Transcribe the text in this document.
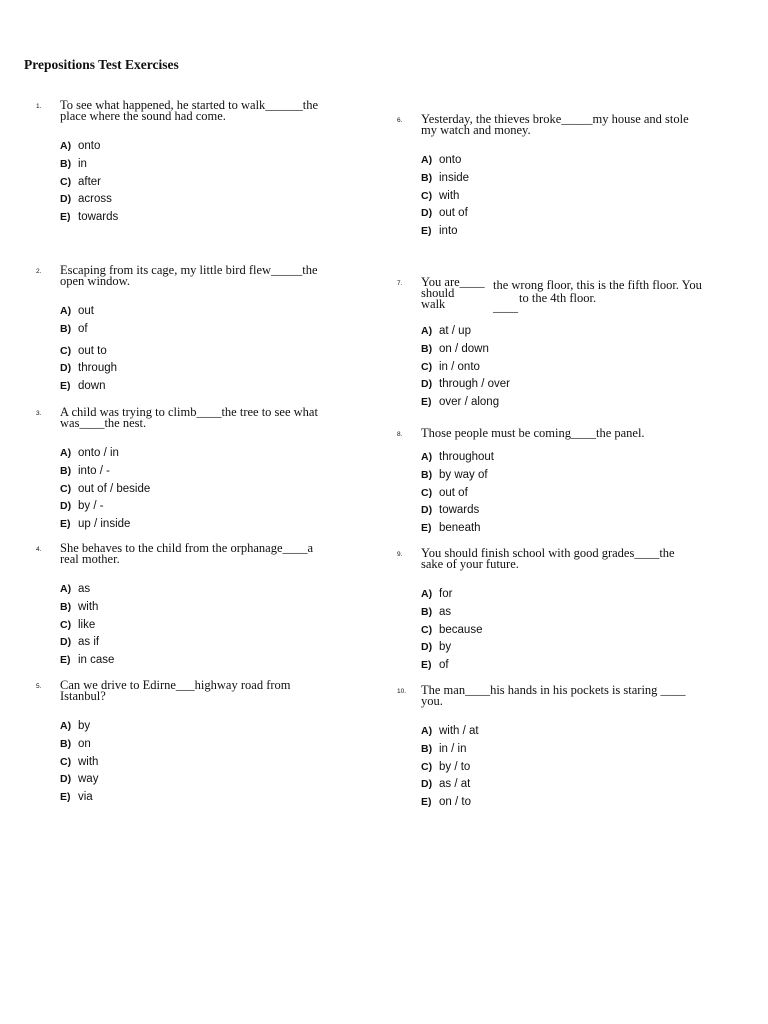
Prepositions Test Exercises
1. To see what happened, he started to walk______the
place where the sound had come.
A) onto
B) in
C) after
D) across
E) towards
2. Escaping from its cage, my little bird flew_____the
open window.
A) out
B) of
C) out to
D) through
E) down
3. A child was trying to climb____the tree to see what
was____the nest.
A) onto / in
B) into / -
C) out of / beside
D) by / -
E) up / inside
4. She behaves to the child from the orphanage____a
real mother.
A) as
B) with
C) like
D) as if
E) in case
5. Can we drive to Edirne___highway road from
Istanbul?
A) by
B) on
C) with
D) way
E) via
6. Yesterday, the thieves broke_____my house and stole
my watch and money.
A) onto
B) inside
C) with
D) out of
E) into
7. You are____ the wrong floor, this is the fifth floor. You
should	to the 4th floor.
walk	____
A) at / up
B) on / down
C) in / onto
D) through / over
E) over / along
8. Those people must be coming____the panel.
A) throughout
B) by way of
C) out of
D) towards
E) beneath
9. You should finish school with good grades____the
sake of your future.
A) for
B) as
C) because
D) by
E) of
10. The man____his hands in his pockets is staring ____
you.
A) with / at
B) in / in
C) by / to
D) as / at
E) on / to
